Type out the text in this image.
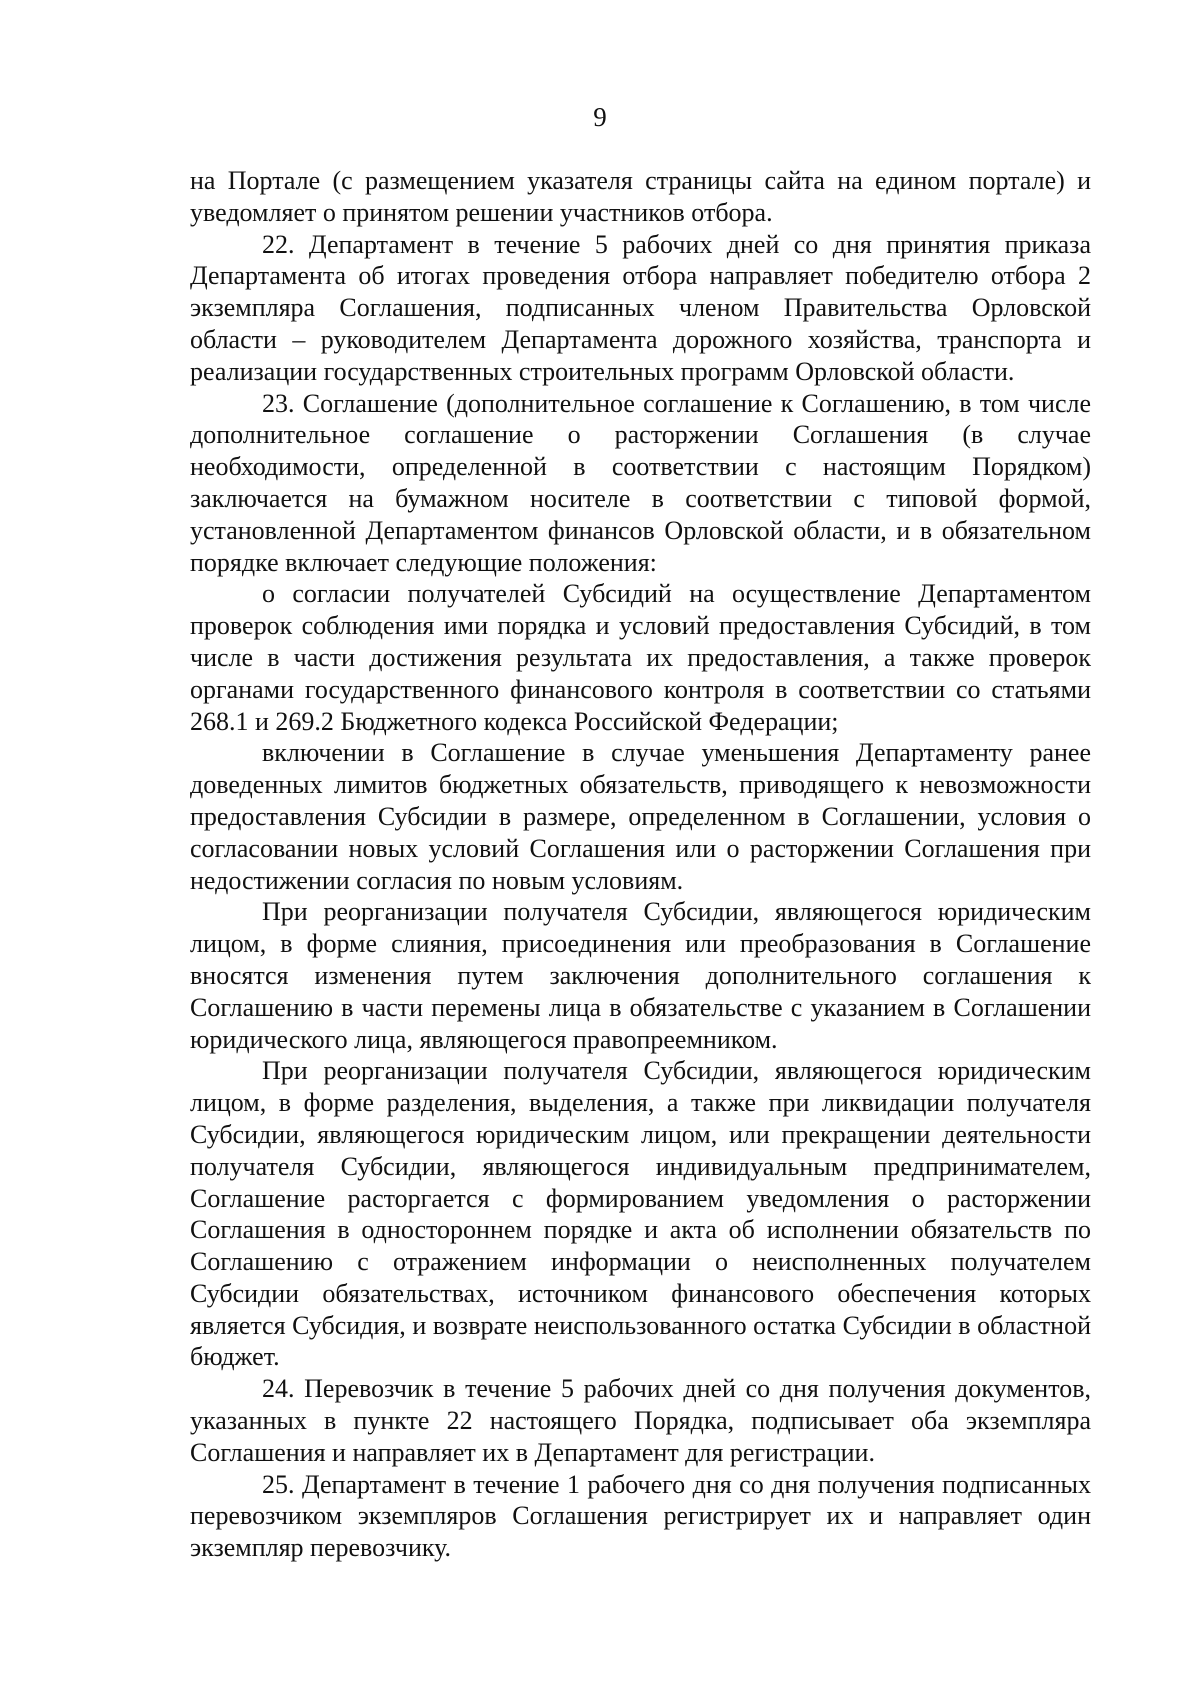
9

на Портале (с размещением указателя страницы сайта на едином портале) и уведомляет о принятом решении участников отбора.

22. Департамент в течение 5 рабочих дней со дня принятия приказа Департамента об итогах проведения отбора направляет победителю отбора 2 экземпляра Соглашения, подписанных членом Правительства Орловской области – руководителем Департамента дорожного хозяйства, транспорта и реализации государственных строительных программ Орловской области.

23. Соглашение (дополнительное соглашение к Соглашению, в том числе дополнительное соглашение о расторжении Соглашения (в случае необходимости, определенной в соответствии с настоящим Порядком) заключается на бумажном носителе в соответствии с типовой формой, установленной Департаментом финансов Орловской области, и в обязательном порядке включает следующие положения:

о согласии получателей Субсидий на осуществление Департаментом проверок соблюдения ими порядка и условий предоставления Субсидий, в том числе в части достижения результата их предоставления, а также проверок органами государственного финансового контроля в соответствии со статьями 268.1 и 269.2 Бюджетного кодекса Российской Федерации;

включении в Соглашение в случае уменьшения Департаменту ранее доведенных лимитов бюджетных обязательств, приводящего к невозможности предоставления Субсидии в размере, определенном в Соглашении, условия о согласовании новых условий Соглашения или о расторжении Соглашения при недостижении согласия по новым условиям.

При реорганизации получателя Субсидии, являющегося юридическим лицом, в форме слияния, присоединения или преобразования в Соглашение вносятся изменения путем заключения дополнительного соглашения к Соглашению в части перемены лица в обязательстве с указанием в Соглашении юридического лица, являющегося правопреемником.

При реорганизации получателя Субсидии, являющегося юридическим лицом, в форме разделения, выделения, а также при ликвидации получателя Субсидии, являющегося юридическим лицом, или прекращении деятельности получателя Субсидии, являющегося индивидуальным предпринимателем, Соглашение расторгается с формированием уведомления о расторжении Соглашения в одностороннем порядке и акта об исполнении обязательств по Соглашению с отражением информации о неисполненных получателем Субсидии обязательствах, источником финансового обеспечения которых является Субсидия, и возврате неиспользованного остатка Субсидии в областной бюджет.

24. Перевозчик в течение 5 рабочих дней со дня получения документов, указанных в пункте 22 настоящего Порядка, подписывает оба экземпляра Соглашения и направляет их в Департамент для регистрации.

25. Департамент в течение 1 рабочего дня со дня получения подписанных перевозчиком экземпляров Соглашения регистрирует их и направляет один экземпляр перевозчику.
